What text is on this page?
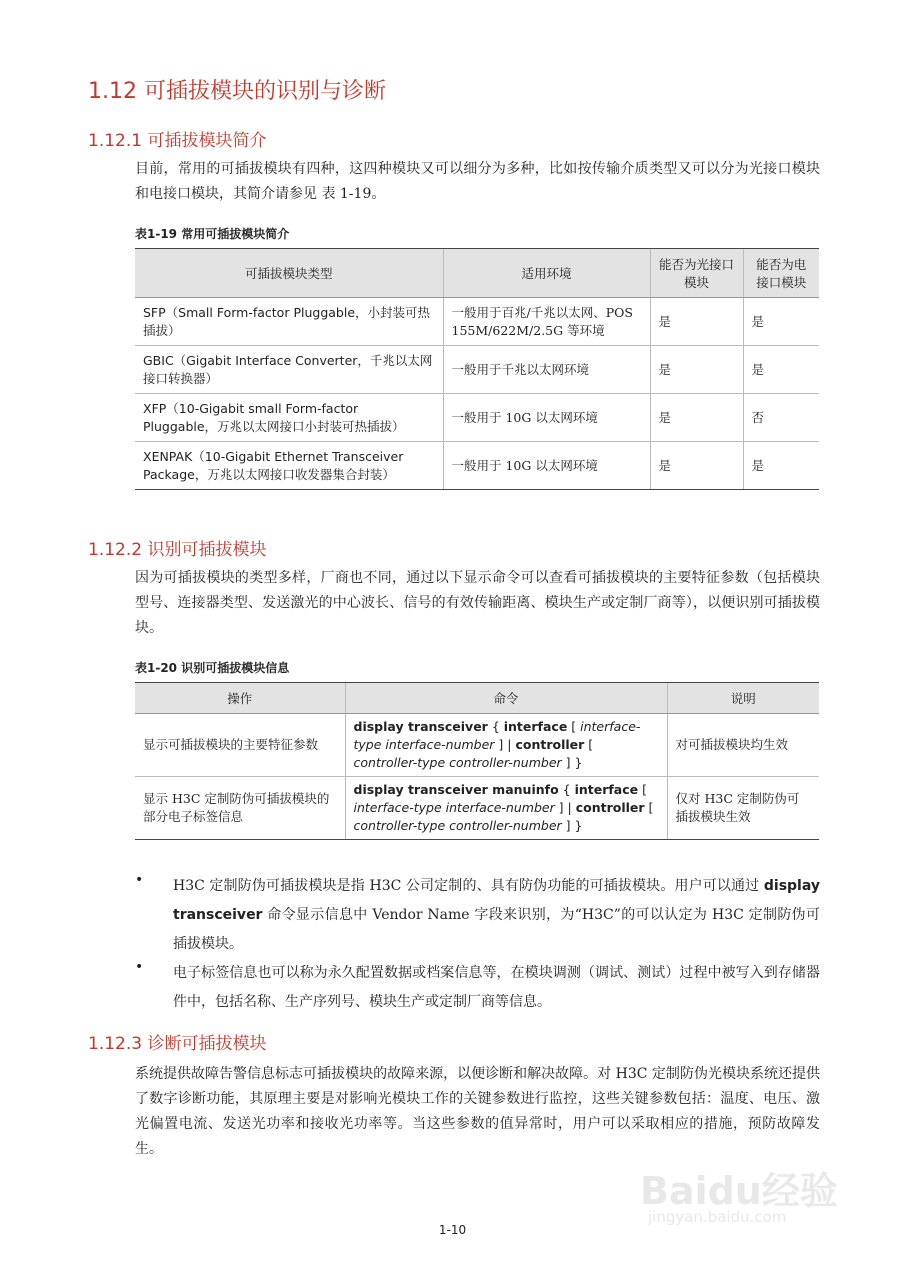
1.12 可插拔模块的识别与诊断
1.12.1 可插拔模块简介
目前，常用的可插拔模块有四种，这四种模块又可以细分为多种，比如按传输介质类型又可以分为光接口模块和电接口模块，其简介请参见 表 1-19。
表1-19 常用可插拔模块简介
可插拔模块类型	适用环境	能否为光接口模块	能否为电接口模块
SFP（Small Form-factor Pluggable，小封装可热插拔）	一般用于百兆/千兆以太网、POS 155M/622M/2.5G 等环境	是	是
GBIC（Gigabit Interface Converter，千兆以太网接口转换器）	一般用于千兆以太网环境	是	是
XFP（10-Gigabit small Form-factor Pluggable，万兆以太网接口小封装可热插拔）	一般用于 10G 以太网环境	是	否
XENPAK（10-Gigabit Ethernet Transceiver Package，万兆以太网接口收发器集合封装）	一般用于 10G 以太网环境	是	是
1.12.2 识别可插拔模块
因为可插拔模块的类型多样，厂商也不同，通过以下显示命令可以查看可插拔模块的主要特征参数（包括模块型号、连接器类型、发送激光的中心波长、信号的有效传输距离、模块生产或定制厂商等），以便识别可插拔模块。
表1-20 识别可插拔模块信息
操作	命令	说明
显示可插拔模块的主要特征参数	display transceiver { interface [ interface-type interface-number ] | controller [ controller-type controller-number ] }	对可插拔模块均生效
显示 H3C 定制防伪可插拔模块的部分电子标签信息	display transceiver manuinfo { interface [ interface-type interface-number ] | controller [ controller-type controller-number ] }	仅对 H3C 定制防伪可插拔模块生效
• H3C 定制防伪可插拔模块是指 H3C 公司定制的、具有防伪功能的可插拔模块。用户可以通过 display transceiver 命令显示信息中 Vendor Name 字段来识别，为“H3C”的可以认定为 H3C 定制防伪可插拔模块。
• 电子标签信息也可以称为永久配置数据或档案信息等，在模块调测（调试、测试）过程中被写入到存储器件中，包括名称、生产序列号、模块生产或定制厂商等信息。
1.12.3 诊断可插拔模块
系统提供故障告警信息标志可插拔模块的故障来源，以便诊断和解决故障。对 H3C 定制防伪光模块系统还提供了数字诊断功能，其原理主要是对影响光模块工作的关键参数进行监控，这些关键参数包括：温度、电压、激光偏置电流、发送光功率和接收光功率等。当这些参数的值异常时，用户可以采取相应的措施，预防故障发生。
Baidu经验
jingyan.baidu.com
1-10
